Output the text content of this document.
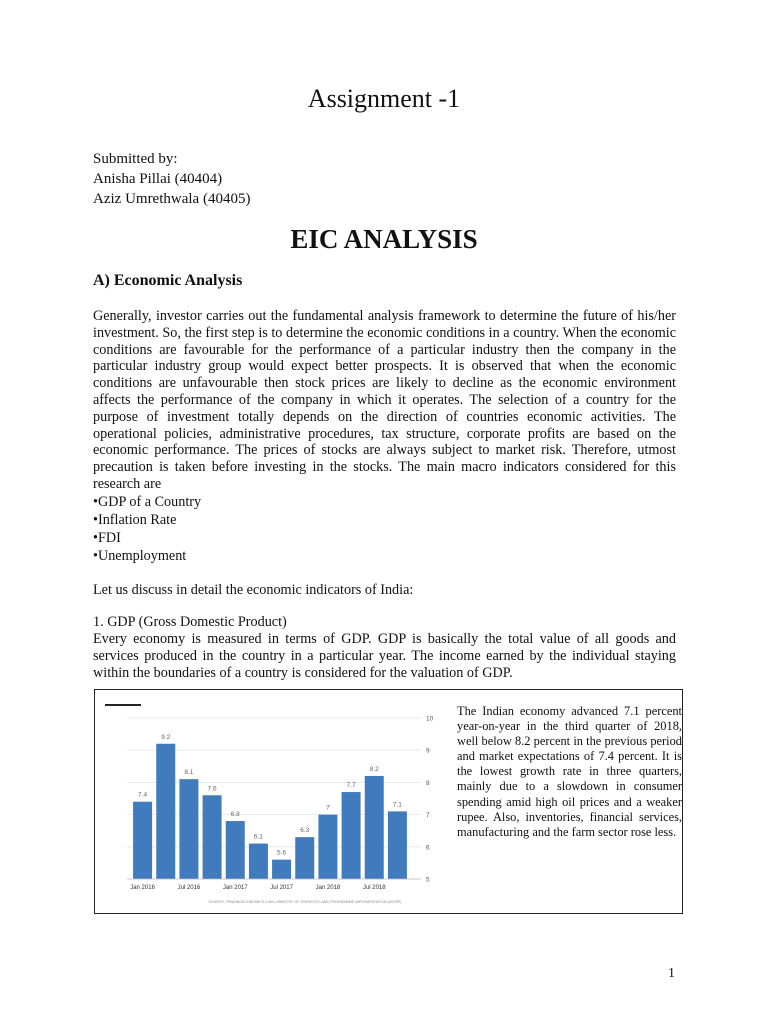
Assignment -1
Submitted by:
Anisha Pillai (40404)
Aziz Umrethwala (40405)
EIC ANALYSIS
A) Economic Analysis
Generally, investor carries out the fundamental analysis framework to determine the future of his/her investment. So, the first step is to determine the economic conditions in a country. When the economic conditions are favourable for the performance of a particular industry then the company in the particular industry group would expect better prospects. It is observed that when the economic conditions are unfavourable then stock prices are likely to decline as the economic environment affects the performance of the company in which it operates. The selection of a country for the purpose of investment totally depends on the direction of countries economic activities. The operational policies, administrative procedures, tax structure, corporate profits are based on the economic performance. The prices of stocks are always subject to market risk. Therefore, utmost precaution is taken before investing in the stocks. The main macro indicators considered for this research are
• GDP of a Country
• Inflation Rate
• FDI
• Unemployment
Let us discuss in detail the economic indicators of India:
1. GDP (Gross Domestic Product)
Every economy is measured in terms of GDP. GDP is basically the total value of all goods and services produced in the country in a particular year. The income earned by the individual staying within the boundaries of a country is considered for the valuation of GDP.
5
6
7
8
9
10
7.4
9.2
8.1
7.6
6.8
6.1
5.6
6.3
7
7.7
8.2
7.1
Jan 2016	Jul 2016	Jan 2017	Jul 2017	Jan 2018	Jul 2018
SOURCE: TRADINGECONOMICS.COM | MINISTRY OF STATISTICS AND PROGRAMME IMPLEMENTATION (MOSPI)

The Indian economy advanced 7.1 percent year-on-year in the third quarter of 2018, well below 8.2 percent in the previous period and market expectations of 7.4 percent. It is the lowest growth rate in three quarters, mainly due to a slowdown in consumer spending amid high oil prices and a weaker rupee. Also, inventories, financial services, manufacturing and the farm sector rose less.

1
